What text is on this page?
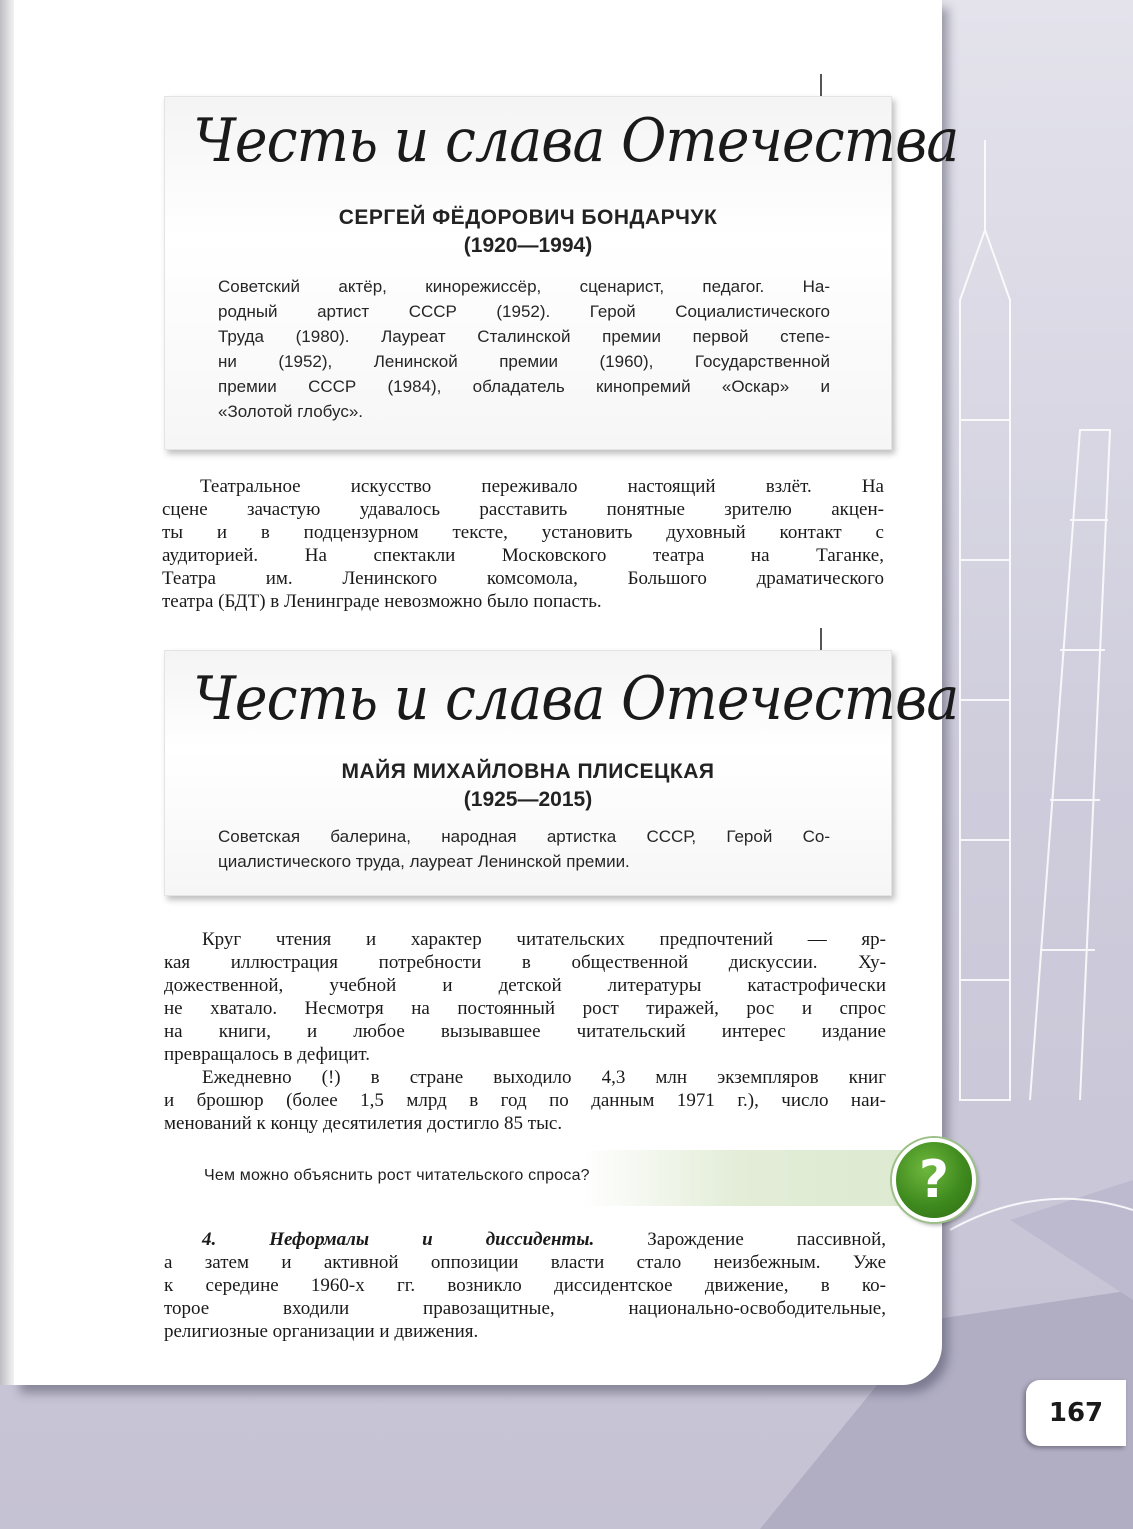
Честь и слава Отечества
СЕРГЕЙ ФЁДОРОВИЧ БОНДАРЧУК
(1920—1994)
Советский актёр, кинорежиссёр, сценарист, педагог. На-
родный артист СССР (1952). Герой Социалистического
Труда (1980). Лауреат Сталинской премии первой степе-
ни (1952), Ленинской премии (1960), Государственной
премии СССР (1984), обладатель кинопремий «Оскар» и
«Золотой глобус».
Театральное искусство переживало настоящий взлёт. На
сцене зачастую удавалось расставить понятные зрителю акцен-
ты и в подцензурном тексте, установить духовный контакт с
аудиторией. На спектакли Московского театра на Таганке,
Театра им. Ленинского комсомола, Большого драматического
театра (БДТ) в Ленинграде невозможно было попасть.
Честь и слава Отечества
МАЙЯ МИХАЙЛОВНА ПЛИСЕЦКАЯ
(1925—2015)
Советская балерина, народная артистка СССР, Герой Со-
циалистического труда, лауреат Ленинской премии.
Круг чтения и характер читательских предпочтений — яр-
кая иллюстрация потребности в общественной дискуссии. Ху-
дожественной, учебной и детской литературы катастрофически
не хватало. Несмотря на постоянный рост тиражей, рос и спрос
на книги, и любое вызывавшее читательский интерес издание
превращалось в дефицит.
Ежедневно (!) в стране выходило 4,3 млн экземпляров книг
и брошюр (более 1,5 млрд в год по данным 1971 г.), число наи-
менований к концу десятилетия достигло 85 тыс.
Чем можно объяснить рост читательского спроса?
4. Неформалы и диссиденты. Зарождение пассивной,
а затем и активной оппозиции власти стало неизбежным. Уже
к середине 1960-х гг. возникло диссидентское движение, в ко-
торое входили правозащитные, национально-освободительные,
религиозные организации и движения.
?
167
